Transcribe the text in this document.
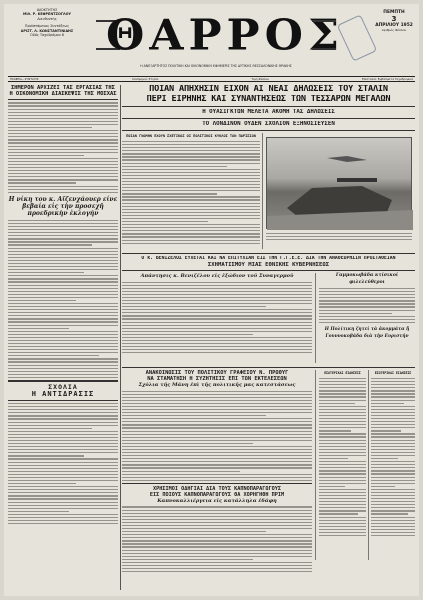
ΙΔΙΟΚΤΗΤΗΣ
ΜΙΛ. Ρ. ΚΕΦΡΕΝΤΖΟΓΛΟΥ
Διευθυντής
Προϊστάμενος Συντάξεως
ΑΡΙΣΤ. Λ. ΚΩΝΣΤΑΝΤΙΝΙΔΗΣ
Οδός Ταχυδρόμου 8 ΘΑΡΡΟΣ
Η ΑΝΕΞΑΡΤΗΤΟΣ ΠΟΛΙΤΙΚΗ ΚΑΙ ΟΙΚΟΝΟΜΙΚΗ ΕΦΗΜΕΡΙΣ ΤΗΣ ΔΥΤΙΚΗΣ ΘΕΣΣΑΛΟΝΙΚΗΣ ΘΡΑΚΗΣ
ΠΕΜΠΤΗ
3
ΑΠΡΙΛΙΟΥ 1952
Αριθμός Φύλλου
ΓΡΑΦΕΙΑ—ΣΥΝΤΑΞΙΣ:	Συνδρομαί: Ετησία	Τιμή Φύλλου	Επιστολαί: Εμβάσματα Ταχυδρομικά
ΣΗΜΕΡΟΝ ΑΡΧΙΖΕΙ ΤΑΣ ΕΡΓΑΣΙΑΣ ΤΗΣ Η ΟΙΚΟΝΟΜΙΚΗ ΔΙΑΣΚΕΨΙΣ ΤΗΣ ΜΟΣΧΑΣ
Η νίκη του κ. Αϊζενχάουερ είνε βεβαία εἰς τὴν προσεχῆ προεδρικὴν ἐκλογήν
ΣΧΟΛΙΑ
Η ΑΝΤΙΔΡΑΣΙΣ
ΠΟΙΑΝ ΑΠΗΧΗΣΙΝ ΕΙΧΟΝ ΑΙ ΝΕΑΙ ΔΗΛΩΣΕΙΣ ΤΟΥ ΣΤΑΛΙΝ
ΠΕΡΙ ΕΙΡΗΝΗΣ ΚΑΙ ΣΥΝΑΝΤΗΣΕΩΣ ΤΩΝ ΤΕΣΣΑΡΩΝ ΜΕΓΑΛΩΝ
Η ΟΥΑΣΙΓΚΤΩΝ ΜΕΛΕΤΑ ΑΚΟΜΗ ΤΑΣ ΔΗΛΩΣΕΙΣ
ΤΟ ΛΟΝΔΙΝΟΝ ΟΥΔΕΝ ΣΧΟΛΙΟΝ ΕΞΗΝΟΣΙΕΥΣΕΝ
ΠΟΙΑΝ ΓΝΩΜΗΝ ΕΧΟΥΝ ΣΧΕΤΙΚΩΣ ΟΙ ΠΟΛΙΤΙΚΟΙ ΚΥΚΛΟΙ ΤΩΝ ΠΑΡΙΣΙΩΝ
Ο κ. ΒΕΝΙΖΕΛΟΣ ΕΥΧΕΤΑΙ ΚΑΙ ΝΑ ΕΠΙΤΥΧΙΑΝ ΕΙΣ ΤΗΝ Γ.Γ.Ε.Ε. ΔΙΑ ΤΗΝ ΑΝΑΘΕΩΡΗΣΙΝ ΠΡΟΣΤΑΘΕΙΑΝ
ΣΧΗΜΑΤΙΣΜΟΥ ΜΙΑΣ ΕΘΝΙΚΗΣ ΚΥΒΕΡΝΗΣΕΩΣ
Απάντησις κ. Βενιζέλου εἰς ἐξώδιον τοῦ Συναγερμοῦ	Γαμμοκωβάδα κτίσικοί φιλελεύθεροι
Η Πολίτικη ζητεί τὰ ἀκομμάτα ἤ Γουννοκοβάδα διὰ τὴν Ευριστήν
ΑΝΑΚΟΙΝΩΣΙΣ ΤΟΥ ΠΟΛΙΤΙΚΟΥ ΓΡΑΦΕΙΟΥ Ν. ΠΡΩΘΥΓ
ΝΑ ΣΤΑΜΑΤΗΣΗ Η ΣΥΖΗΤΗΣΙΣ ΕΠΙ ΤΩΝ ΕΚΤΕΛΕΣΕΩΝ
Σχόλια τῆς Μάνη ἐπὶ τῆς πολιτικῆς μας κατεστάσεως
ΧΡΗΣΙΜΟΙ ΟΔΗΓΙΑΙ ΔΙΑ ΤΟΥΣ ΚΑΠΝΟΠΑΡΑΓΩΓΟΥΣ
ΕΙΣ ΠΟΙΟΥΣ ΚΑΠΝΟΠΑΡΑΓΩΓΟΥΣ ΘΑ ΧΟΡΗΓΗΘΗ ΠΡΙΜ
Καπνοκαλλιέργεια εἰς κατάλληλα ἐδάφη
ΕΣΩΤΕΡΙΚΑΙ ΕΙΔΗΣΕΙΣ	ΕΣΩΤΕΡΙΚΑΙ ΕΙΔΗΣΕΙΣ
